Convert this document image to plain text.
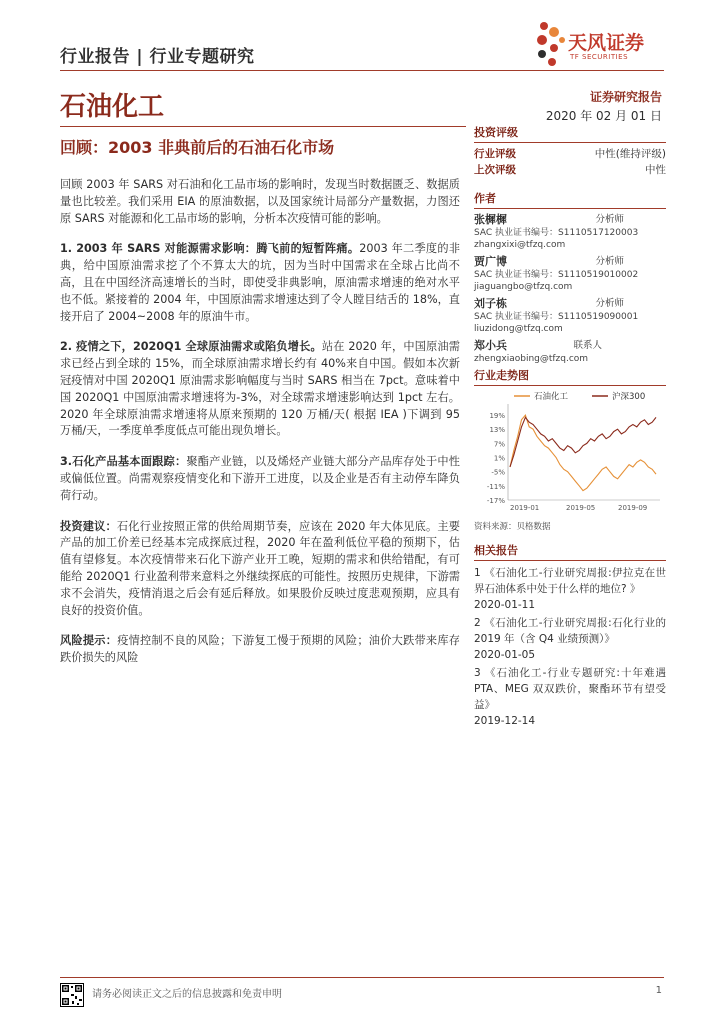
行业报告 | 行业专题研究
石油化工
天风证券
TF SECURITIES
证券研究报告
2020 年 02 月 01 日
回顾：2003 非典前后的石油石化市场

回顾 2003 年 SARS 对石油和化工品市场的影响时，发现当时数据匮乏、数据质量也比较差。我们采用 EIA 的原油数据，以及国家统计局部分产量数据，力图还原 SARS 对能源和化工品市场的影响，分析本次疫情可能的影响。

1. 2003 年 SARS 对能源需求影响：腾飞前的短暂阵痛。2003 年二季度的非典，给中国原油需求挖了个不算太大的坑，因为当时中国需求在全球占比尚不高，且在中国经济高速增长的当时，即使受非典影响，原油需求增速的绝对水平也不低。紧接着的 2004 年，中国原油需求增速达到了令人瞠目结舌的 18%，直接开启了 2004~2008 年的原油牛市。

2. 疫情之下，2020Q1 全球原油需求或陷负增长。站在 2020 年，中国原油需求已经占到全球的 15%，而全球原油需求增长约有 40%来自中国。假如本次新冠疫情对中国 2020Q1 原油需求影响幅度与当时 SARS 相当在 7pct。意味着中国 2020Q1 中国原油需求增速将为-3%，对全球需求增速影响达到 1pct 左右。2020 年全球原油需求增速将从原来预期的 120 万桶/天( 根据 IEA )下调到 95 万桶/天，一季度单季度低点可能出现负增长。

3.石化产品基本面跟踪：聚酯产业链，以及烯烃产业链大部分产品库存处于中性或偏低位置。尚需观察疫情变化和下游开工进度，以及企业是否有主动停车降负荷行动。

投资建议：石化行业按照正常的供给周期节奏，应该在 2020 年大体见底。主要产品的加工价差已经基本完成探底过程，2020 年在盈利低位平稳的预期下，估值有望修复。本次疫情带来石化下游产业开工晚，短期的需求和供给错配，有可能给 2020Q1 行业盈利带来意料之外继续探底的可能性。按照历史规律，下游需求不会消失，疫情消退之后会有延后释放。如果股价反映过度悲观预期，应具有良好的投资价值。

风险提示：疫情控制不良的风险；下游复工慢于预期的风险；油价大跌带来库存跌价损失的风险

投资评级
行业评级	中性(维持评级)
上次评级	中性
作者
张樨樨	分析师
SAC 执业证书编号：S1110517120003
zhangxixi@tfzq.com
贾广博	分析师
SAC 执业证书编号：S1110519010002
jiaguangbo@tfzq.com
刘子栋	分析师
SAC 执业证书编号：S1110519090001
liuzidong@tfzq.com
郑小兵	联系人
zhengxiaobing@tfzq.com
行业走势图
石油化工	沪深300
19%
13%
7%
1%
-5%
-11%
-17%
2019-01	2019-05	2019-09
资料来源：贝格数据
相关报告
1 《石油化工-行业研究周报:伊拉克在世界石油体系中处于什么样的地位? 》
2020-01-11
2 《石油化工-行业研究周报:石化行业的 2019 年（含 Q4 业绩预测）》
2020-01-05
3 《石油化工-行业专题研究:十年难遇PTA、MEG 双双跌价，聚酯环节有望受益》
2019-12-14
请务必阅读正文之后的信息披露和免责申明	1
